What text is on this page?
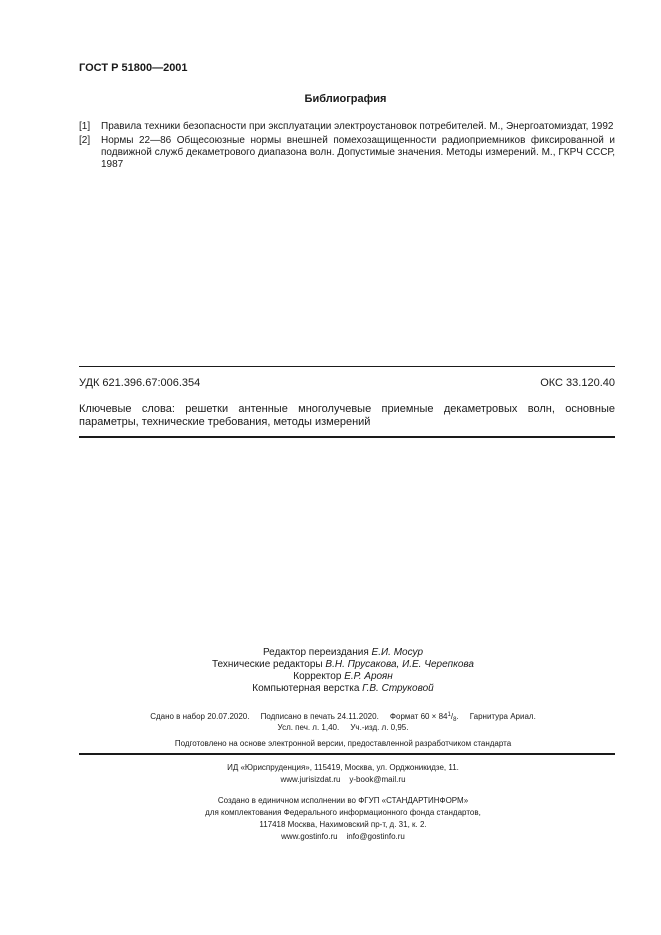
ГОСТ Р 51800—2001
Библиография
[1] Правила техники безопасности при эксплуатации электроустановок потребителей. М., Энергоатомиздат, 1992
[2] Нормы 22—86 Общесоюзные нормы внешней помехозащищенности радиоприемников фиксированной и подвижной служб декаметрового диапазона волн. Допустимые значения. Методы измерений. М., ГКРЧ СССР, 1987
УДК 621.396.67:006.354	ОКС 33.120.40
Ключевые слова: решетки антенные многолучевые приемные декаметровых волн, основные параметры, технические требования, методы измерений
Редактор переиздания Е.И. Мосур
Технические редакторы В.Н. Прусакова, И.Е. Черепкова
Корректор Е.Р. Ароян
Компьютерная верстка Г.В. Струковой
Сдано в набор 20.07.2020. Подписано в печать 24.11.2020. Формат $60 \times 84^1/_8$.     Гарнитура Ариал.
Усл. печ. л. 1,40. Уч.-изд. л. 0,95.
Подготовлено на основе электронной версии, предоставленной разработчиком стандарта
ИД «Юриспруденция», 115419, Москва, ул. Орджоникидзе, 11.
www.jurisizdat.ru    y-book@mail.ru
Создано в единичном исполнении во ФГУП «СТАНДАРТИНФОРМ»
для комплектования Федерального информационного фонда стандартов,
117418 Москва, Нахимовский пр-т, д. 31, к. 2.
www.gostinfo.ru    info@gostinfo.ru
